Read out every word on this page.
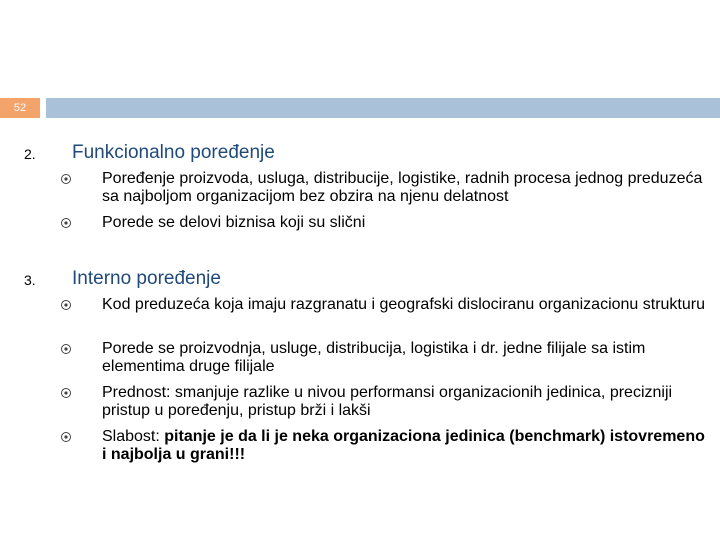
52
2. Funkcionalno poređenje
Poređenje proizvoda, usluga, distribucije, logistike, radnih procesa jednog preduzeća sa najboljom organizacijom bez obzira na njenu delatnost
Porede se delovi biznisa koji su slični
3. Interno poređenje
Kod preduzeća koja imaju razgranatu i geografski dislociranu organizacionu strukturu
Porede se proizvodnja, usluge, distribucija, logistika i dr. jedne filijale sa istim elementima druge filijale
Prednost: smanjuje razlike u nivou performansi organizacionih jedinica, precizniji pristup u poređenju, pristup brži i lakši
Slabost: pitanje je da li je neka organizaciona jedinica (benchmark) istovremeno i najbolja u grani!!!
